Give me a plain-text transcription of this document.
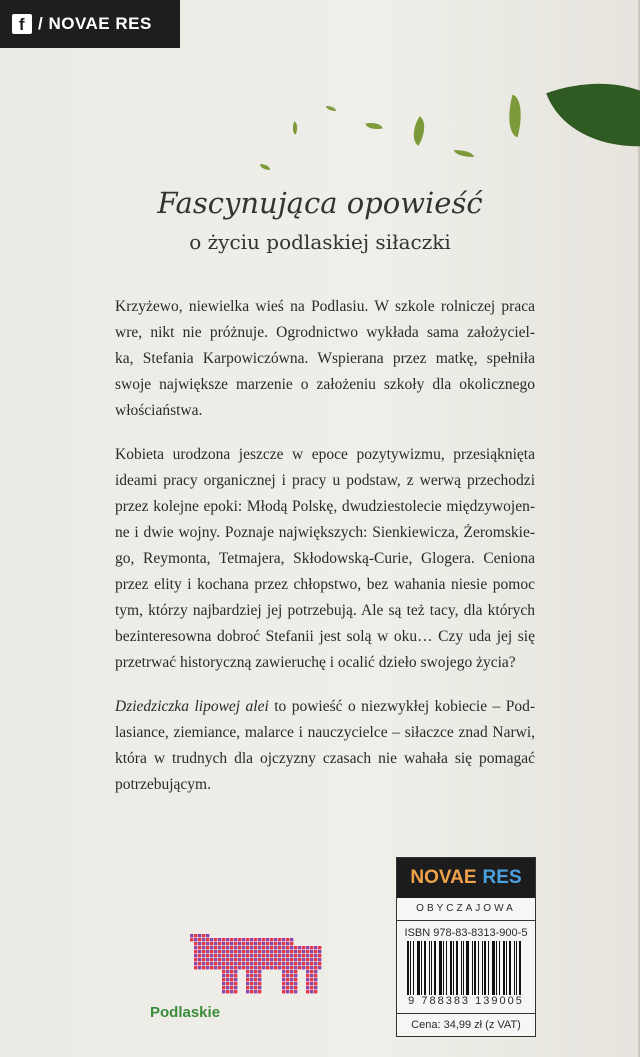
f / NOVAE RES
Fascynująca opowieść
o życiu podlaskiej siłaczki

Krzyżewo, niewielka wieś na Podlasiu. W szkole rolniczej praca
wre, nikt nie próżnuje. Ogrodnictwo wykłada sama założyciel-
ka, Stefania Karpowiczówna. Wspierana przez matkę, spełniła
swoje największe marzenie o założeniu szkoły dla okolicznego
włościaństwa.

Kobieta urodzona jeszcze w epoce pozytywizmu, przesiąknięta
ideami pracy organicznej i pracy u podstaw, z werwą przechodzi
przez kolejne epoki: Młodą Polskę, dwudziestolecie międzywojen-
ne i dwie wojny. Poznaje największych: Sienkiewicza, Żeromskie-
go, Reymonta, Tetmajera, Skłodowską-Curie, Glogera. Ceniona
przez elity i kochana przez chłopstwo, bez wahania niesie pomoc
tym, którzy najbardziej jej potrzebują. Ale są też tacy, dla których
bezinteresowna dobroć Stefanii jest solą w oku… Czy uda jej się
przetrwać historyczną zawieruchę i ocalić dzieło swojego życia?

Dziedziczka lipowej alei to powieść o niezwykłej kobiecie – Pod-
lasiance, ziemiance, malarce i nauczycielce – siłaczce znad Narwi,
która w trudnych dla ojczyzny czasach nie wahała się pomagać
potrzebującym.

Podlaskie
NOVAE RES
OBYCZAJOWA
ISBN 978-83-8313-900-5
9 788383 139005
Cena: 34,99 zł (z VAT)
